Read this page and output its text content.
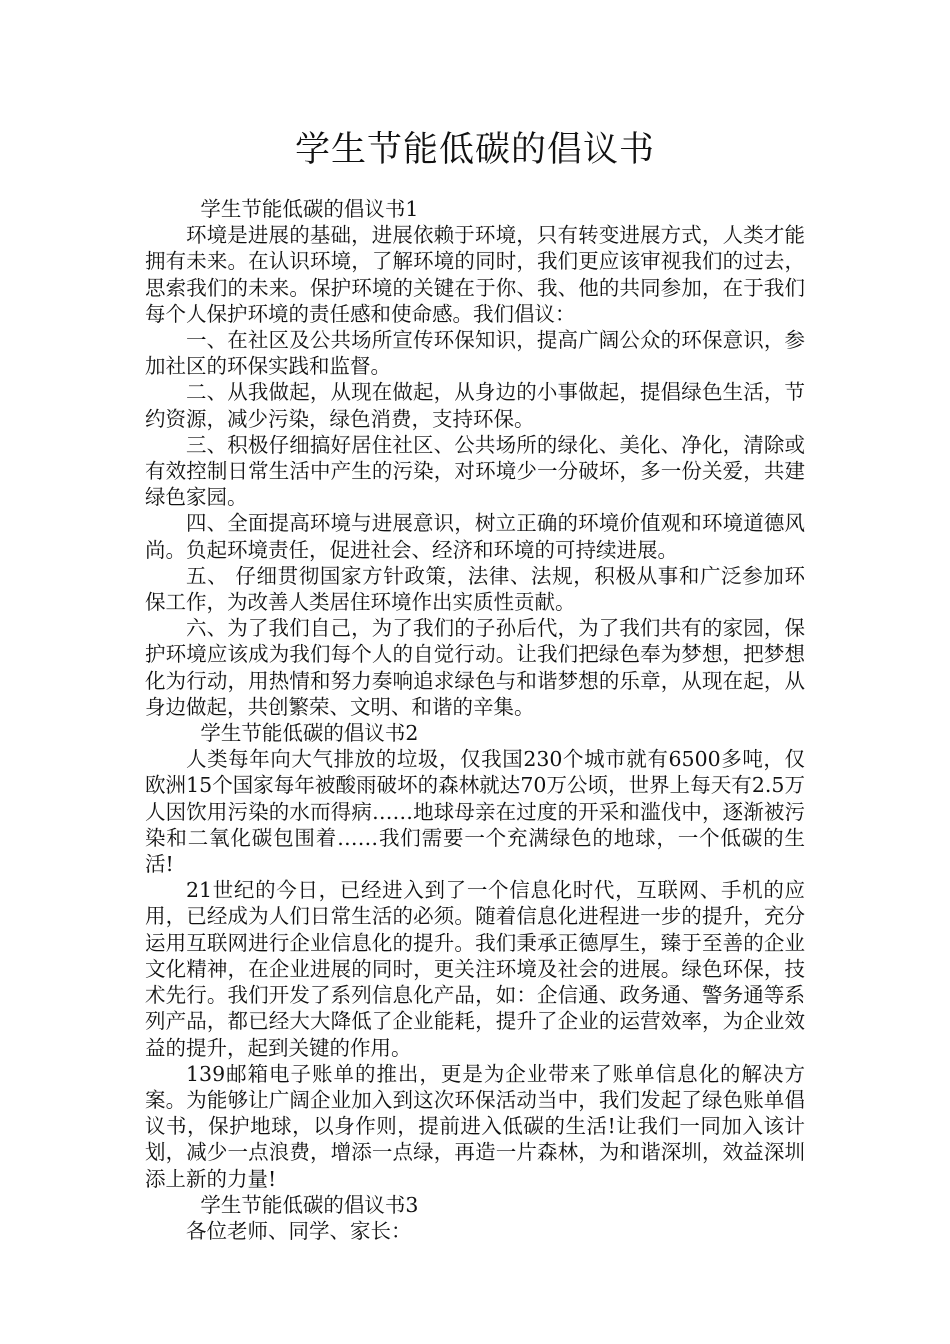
学生节能低碳的倡议书

学生节能低碳的倡议书1

环境是进展的基础，进展依赖于环境，只有转变进展方式，人类才能拥有未来。在认识环境，了解环境的同时，我们更应该审视我们的过去，思索我们的未来。保护环境的关键在于你、我、他的共同参加，在于我们每个人保护环境的责任感和使命感。我们倡议：

一、在社区及公共场所宣传环保知识，提高广阔公众的环保意识，参加社区的环保实践和监督。

二、从我做起，从现在做起，从身边的小事做起，提倡绿色生活，节约资源，减少污染，绿色消费，支持环保。

三、积极仔细搞好居住社区、公共场所的绿化、美化、净化，清除或有效控制日常生活中产生的污染，对环境少一分破坏，多一份关爱，共建绿色家园。

四、全面提高环境与进展意识，树立正确的环境价值观和环境道德风尚。负起环境责任，促进社会、经济和环境的可持续进展。

五、 仔细贯彻国家方针政策，法律、法规，积极从事和广泛参加环保工作，为改善人类居住环境作出实质性贡献。

六、为了我们自己，为了我们的子孙后代，为了我们共有的家园，保护环境应该成为我们每个人的自觉行动。让我们把绿色奉为梦想，把梦想化为行动，用热情和努力奏响追求绿色与和谐梦想的乐章，从现在起，从身边做起，共创繁荣、文明、和谐的辛集。

学生节能低碳的倡议书2

人类每年向大气排放的垃圾，仅我国230个城市就有6500多吨，仅欧洲15个国家每年被酸雨破坏的森林就达70万公顷，世界上每天有2.5万人因饮用污染的水而得病……地球母亲在过度的开采和滥伐中，逐渐被污染和二氧化碳包围着……我们需要一个充满绿色的地球，一个低碳的生活!

21世纪的今日，已经进入到了一个信息化时代，互联网、手机的应用，已经成为人们日常生活的必须。随着信息化进程进一步的提升，充分运用互联网进行企业信息化的提升。我们秉承正德厚生，臻于至善的企业文化精神，在企业进展的同时，更关注环境及社会的进展。绿色环保，技术先行。我们开发了系列信息化产品，如：企信通、政务通、警务通等系列产品，都已经大大降低了企业能耗，提升了企业的运营效率，为企业效益的提升，起到关键的作用。

139邮箱电子账单的推出，更是为企业带来了账单信息化的解决方案。为能够让广阔企业加入到这次环保活动当中，我们发起了绿色账单倡议书，保护地球，以身作则，提前进入低碳的生活!让我们一同加入该计划，减少一点浪费，增添一点绿，再造一片森林，为和谐深圳，效益深圳添上新的力量!

学生节能低碳的倡议书3

各位老师、同学、家长：
